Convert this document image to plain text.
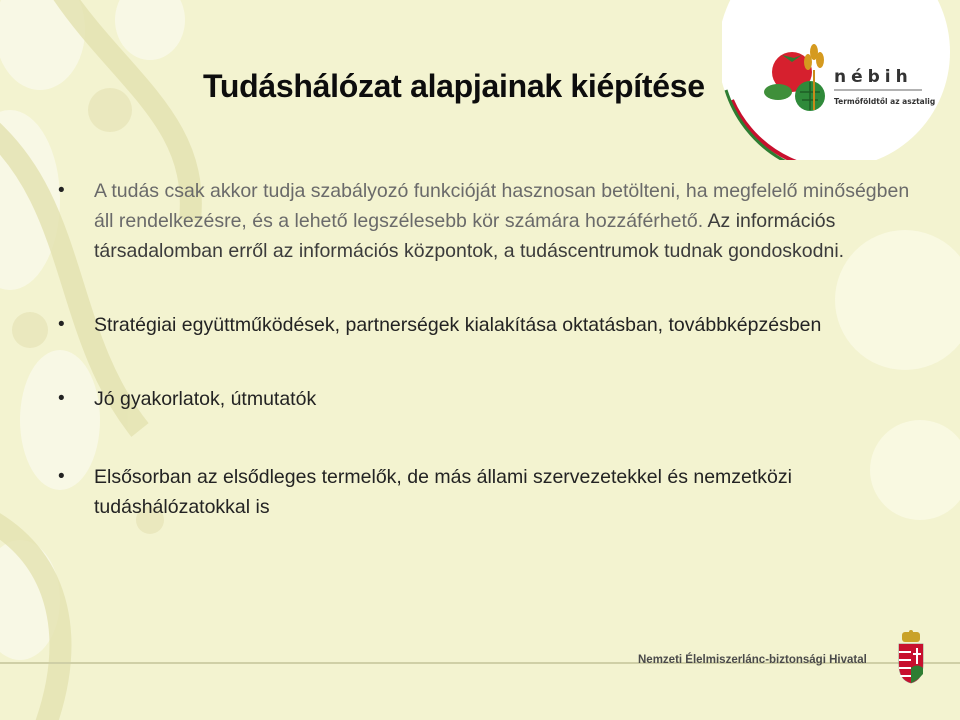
Tudáshálózat alapjainak kiépítése	nébih
Termőföldtől az asztalig
• A tudás csak akkor tudja szabályozó funkcióját hasznosan betölteni, ha megfelelő minőségben áll rendelkezésre, és a lehető legszélesebb kör számára hozzáférhető. Az információs társadalomban erről az információs központok, a tudáscentrumok tudnak gondoskodni.
• Stratégiai együttműködések, partnerségek kialakítása oktatásban, továbbképzésben
• Jó gyakorlatok, útmutatók
• Elsősorban az elsődleges termelők, de más állami szervezetekkel és nemzetközi tudáshálózatokkal is
Nemzeti Élelmiszerlánc-biztonsági Hivatal
